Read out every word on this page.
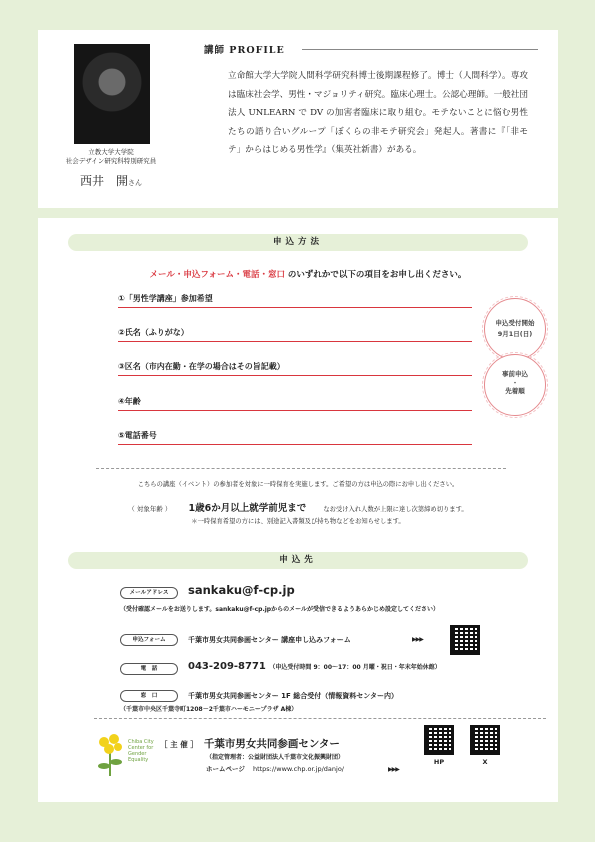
立教大学大学院
社会デザイン研究科特別研究員
西井　開さん
講師 PROFILE
立命館大学大学院人間科学研究科博士後期課程修了。博士（人間科学）。専攻は臨床社会学、男性・マジョリティ研究。臨床心理士。公認心理師。一般社団法人 UNLEARN で DV の加害者臨床に取り組む。モテないことに悩む男性たちの語り合いグループ「ぼくらの非モテ研究会」発起人。著書に『「非モテ」からはじめる男性学』（集英社新書）がある。
申込方法
メール・申込フォーム・電話・窓口 のいずれかで以下の項目をお申し出ください。
①「男性学講座」参加希望
②氏名（ふりがな）
③区名（市内在勤・在学の場合はその旨記載）
④年齢
⑤電話番号
申込受付開始
9月1日(日)
事前申込
・
先着順
こちらの講座（イベント）の参加者を対象に一時保育を実施します。ご希望の方は申込の際にお申し出ください。
（ 対象年齢 ） 1歳6か月以上就学前児まで	なお受け入れ人数が上限に達し次第締め切ります。
＊一時保育希望の方には、別途記入書類及び持ち物などをお知らせします。
申込先
メールアドレス	sankaku@f-cp.jp
（受付確認メールをお送りします。sankaku@f-cp.jpからのメールが受信できるようあらかじめ設定してください）
申込フォーム	千葉市男女共同参画センター 講座申し込みフォーム	▶▶▶
電　話	043-209-8771 （申込受付時間 9：00～17：00 月曜・祝日・年末年始休館）
窓　口	千葉市男女共同参画センター 1F 総合受付（情報資料センター内）
（千葉市中央区千葉寺町1208－2千葉市ハーモニープラザ A棟）
Chiba City
Center for
Gender
Equality
［ 主 催 ］ 千葉市男女共同参画センター
（指定管理者：公益財団法人千葉市文化振興財団）
ホームページ https://www.chp.or.jp/danjo/	▶▶▶
HP	X
